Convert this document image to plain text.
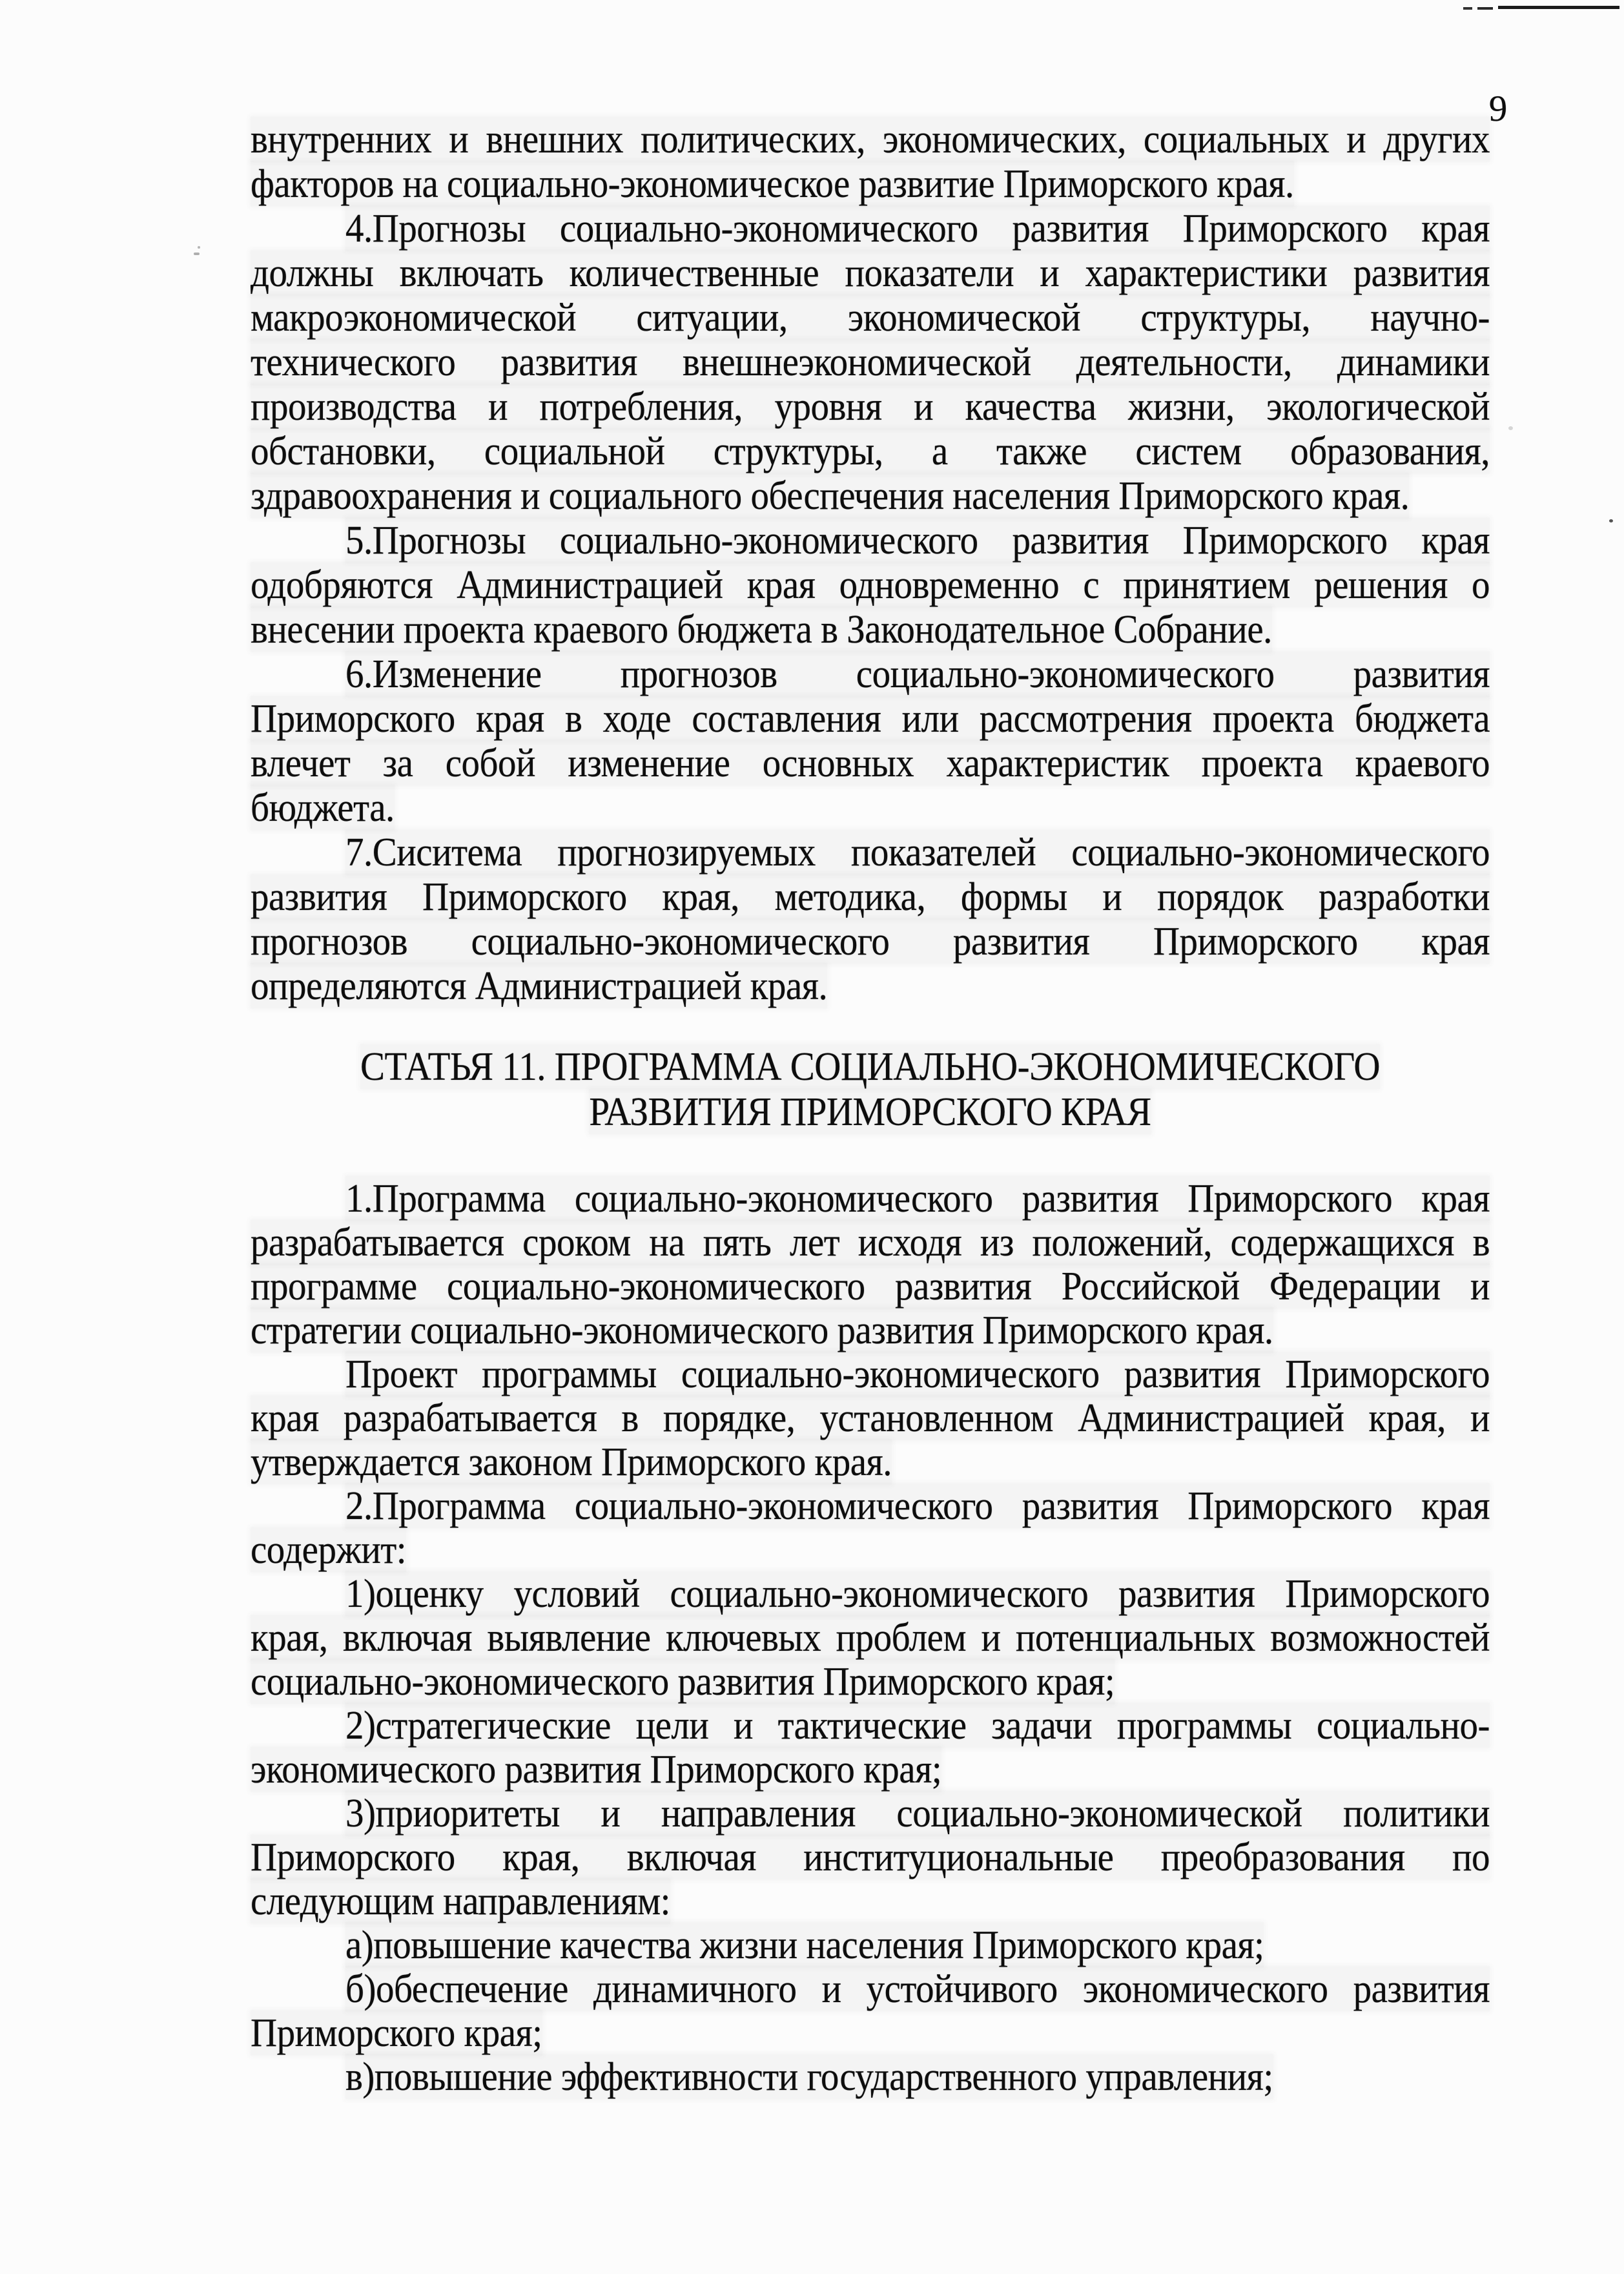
9
внутренних и внешних политических, экономических, социальных и других
факторов на социально-экономическое развитие Приморского края.
4.Прогнозы социально-экономического развития Приморского края
должны включать количественные показатели и характеристики развития
макроэкономической ситуации, экономической структуры, научно-
технического развития внешнеэкономической деятельности, динамики
производства и потребления, уровня и качества жизни, экологической
обстановки, социальной структуры, а также систем образования,
здравоохранения и социального обеспечения населения Приморского края.
5.Прогнозы социально-экономического развития Приморского края
одобряются Администрацией края одновременно с принятием решения о
внесении проекта краевого бюджета в Законодательное Собрание.
6.Изменение прогнозов социально-экономического развития
Приморского края в ходе составления или рассмотрения проекта бюджета
влечет за собой изменение основных характеристик проекта краевого
бюджета.
7.Сиситема прогнозируемых показателей социально-экономического
развития Приморского края, методика, формы и порядок разработки
прогнозов социально-экономического развития Приморского края
определяются Администрацией края.
СТАТЬЯ 11. ПРОГРАММА СОЦИАЛЬНО-ЭКОНОМИЧЕСКОГО
РАЗВИТИЯ ПРИМОРСКОГО КРАЯ
1.Программа социально-экономического развития Приморского края
разрабатывается сроком на пять лет исходя из положений, содержащихся в
программе социально-экономического развития Российской Федерации и
стратегии социально-экономического развития Приморского края.
Проект программы социально-экономического развития Приморского
края разрабатывается в порядке, установленном Администрацией края, и
утверждается законом Приморского края.
2.Программа социально-экономического развития Приморского края
содержит:
1)оценку условий социально-экономического развития Приморского
края, включая выявление ключевых проблем и потенциальных возможностей
социально-экономического развития Приморского края;
2)стратегические цели и тактические задачи программы социально-
экономического развития Приморского края;
3)приоритеты и направления социально-экономической политики
Приморского края, включая институциональные преобразования по
следующим направлениям:
а)повышение качества жизни населения Приморского края;
б)обеспечение динамичного и устойчивого экономического развития
Приморского края;
в)повышение эффективности государственного управления;
